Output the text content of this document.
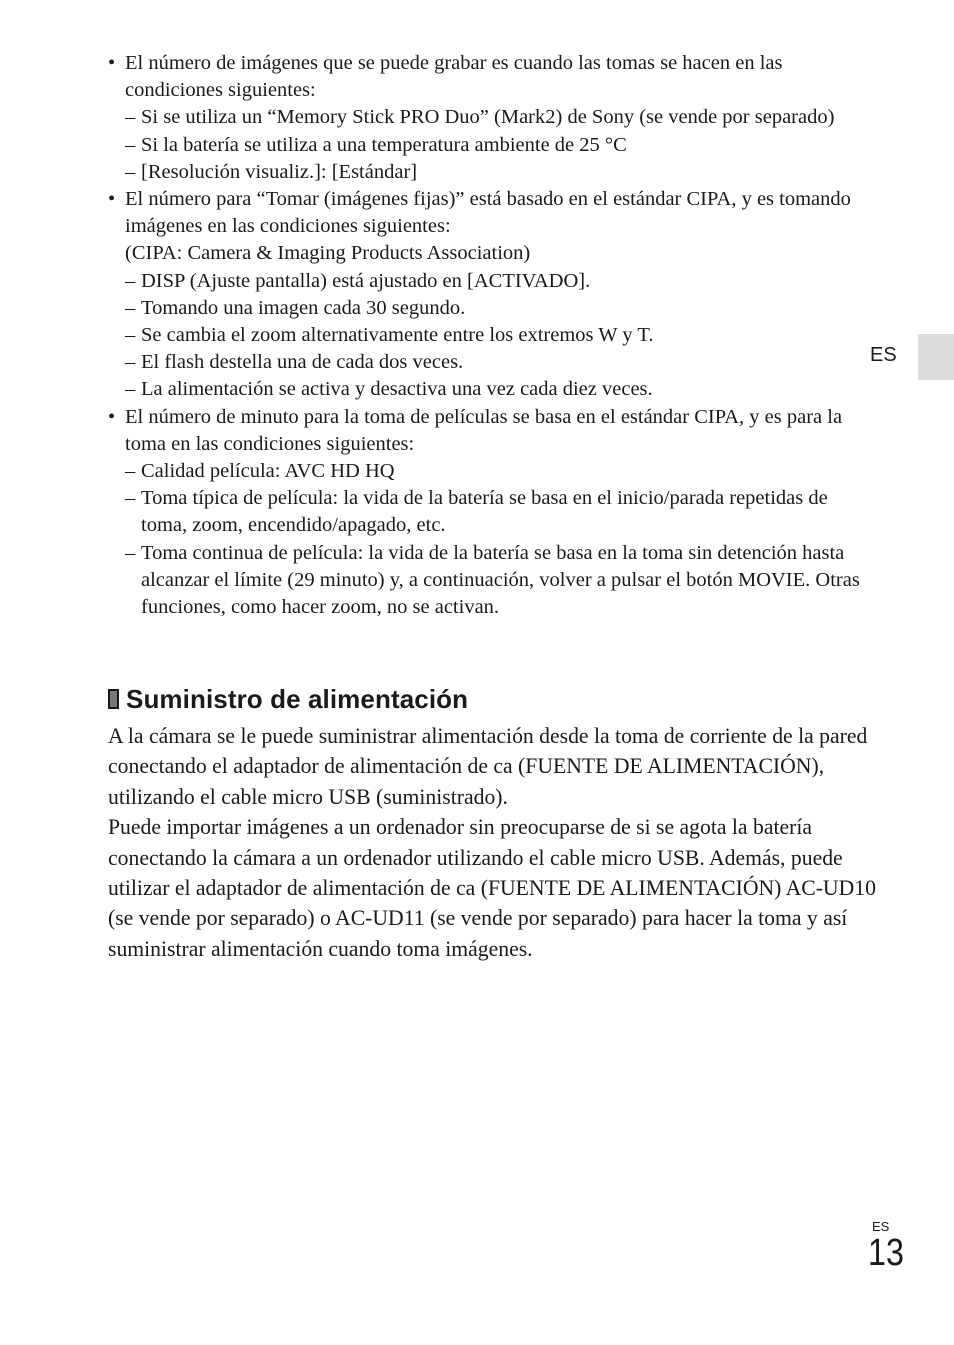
• El número de imágenes que se puede grabar es cuando las tomas se hacen en las condiciones siguientes:
– Si se utiliza un “Memory Stick PRO Duo” (Mark2) de Sony (se vende por separado)
– Si la batería se utiliza a una temperatura ambiente de 25 °C
– [Resolución visualiz.]: [Estándar]
• El número para “Tomar (imágenes fijas)” está basado en el estándar CIPA, y es tomando imágenes en las condiciones siguientes:
(CIPA: Camera & Imaging Products Association)
– DISP (Ajuste pantalla) está ajustado en [ACTIVADO].
– Tomando una imagen cada 30 segundo.
– Se cambia el zoom alternativamente entre los extremos W y T.
– El flash destella una de cada dos veces.
– La alimentación se activa y desactiva una vez cada diez veces.
• El número de minuto para la toma de películas se basa en el estándar CIPA, y es para la toma en las condiciones siguientes:
– Calidad película: AVC HD HQ
– Toma típica de película: la vida de la batería se basa en el inicio/parada repetidas de toma, zoom, encendido/apagado, etc.
– Toma continua de película: la vida de la batería se basa en la toma sin detención hasta alcanzar el límite (29 minuto) y, a continuación, volver a pulsar el botón MOVIE. Otras funciones, como hacer zoom, no se activan.
Suministro de alimentación

A la cámara se le puede suministrar alimentación desde la toma de corriente de la pared conectando el adaptador de alimentación de ca (FUENTE DE ALIMENTACIÓN), utilizando el cable micro USB (suministrado).

Puede importar imágenes a un ordenador sin preocuparse de si se agota la batería conectando la cámara a un ordenador utilizando el cable micro USB. Además, puede utilizar el adaptador de alimentación de ca (FUENTE DE ALIMENTACIÓN) AC-UD10 (se vende por separado) o AC-UD11 (se vende por separado) para hacer la toma y así suministrar alimentación cuando toma imágenes.

ES
ES
13
